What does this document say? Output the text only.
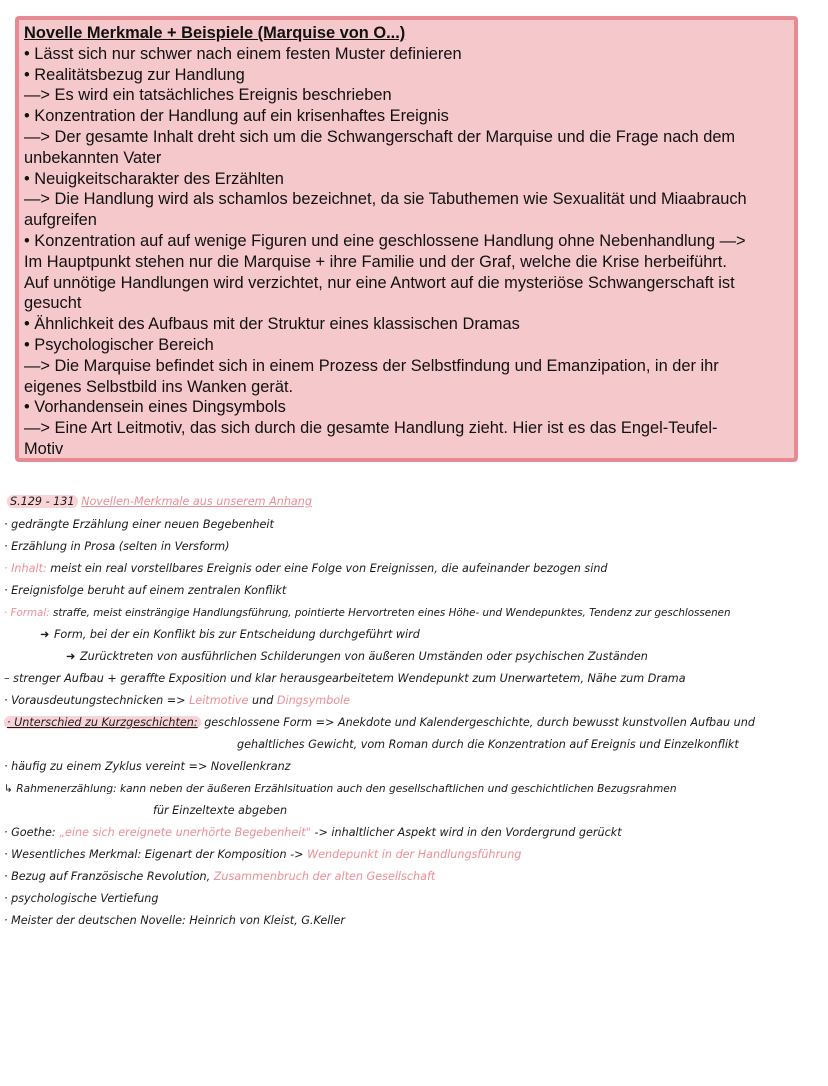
Novelle Merkmale + Beispiele (Marquise von O...)
• Lässt sich nur schwer nach einem festen Muster definieren
• Realitätsbezug zur Handlung
—> Es wird ein tatsächliches Ereignis beschrieben
• Konzentration der Handlung auf ein krisenhaftes Ereignis
—> Der gesamte Inhalt dreht sich um die Schwangerschaft der Marquise und die Frage nach dem
unbekannten Vater
• Neuigkeitscharakter des Erzählten
—> Die Handlung wird als schamlos bezeichnet, da sie Tabuthemen wie Sexualität und Miaabrauch
aufgreifen
• Konzentration auf auf wenige Figuren und eine geschlossene Handlung ohne Nebenhandlung —>
Im Hauptpunkt stehen nur die Marquise + ihre Familie und der Graf, welche die Krise herbeiführt.
Auf unnötige Handlungen wird verzichtet, nur eine Antwort auf die mysteriöse Schwangerschaft ist
gesucht
• Ähnlichkeit des Aufbaus mit der Struktur eines klassischen Dramas
• Psychologischer Bereich
—> Die Marquise befindet sich in einem Prozess der Selbstfindung und Emanzipation, in der ihr
eigenes Selbstbild ins Wanken gerät.
• Vorhandensein eines Dingsymbols
—> Eine Art Leitmotiv, das sich durch die gesamte Handlung zieht. Hier ist es das Engel-Teufel-
Motiv
S.129 - 131 Novellen-Merkmale aus unserem Anhang
· gedrängte Erzählung einer neuen Begebenheit
· Erzählung in Prosa (selten in Versform)
· Inhalt: meist ein real vorstellbares Ereignis oder eine Folge von Ereignissen, die aufeinander bezogen sind
· Ereignisfolge beruht auf einem zentralen Konflikt
· Formal: straffe, meist einsträngige Handlungsführung, pointierte Hervortreten eines Höhe- und Wendepunktes, Tendenz zur geschlossenen
➜ Form, bei der ein Konflikt bis zur Entscheidung durchgeführt wird
➜ Zurücktreten von ausführlichen Schilderungen von äußeren Umständen oder psychischen Zuständen
– strenger Aufbau + geraffte Exposition und klar herausgearbeitetem Wendepunkt zum Unerwartetem, Nähe zum Drama
· Vorausdeutungstechnicken => Leitmotive und Dingsymbole
· Unterschied zu Kurzgeschichten: geschlossene Form => Anekdote und Kalendergeschichte, durch bewusst kunstvollen Aufbau und
gehaltliches Gewicht, vom Roman durch die Konzentration auf Ereignis und Einzelkonflikt
· häufig zu einem Zyklus vereint => Novellenkranz
↳ Rahmenerzählung: kann neben der äußeren Erzählsituation auch den gesellschaftlichen und geschichtlichen Bezugsrahmen
für Einzeltexte abgeben
· Goethe: „eine sich ereignete unerhörte Begebenheit" -> inhaltlicher Aspekt wird in den Vordergrund gerückt
· Wesentliches Merkmal: Eigenart der Komposition -> Wendepunkt in der Handlungsführung
· Bezug auf Französische Revolution, Zusammenbruch der alten Gesellschaft
· psychologische Vertiefung
· Meister der deutschen Novelle: Heinrich von Kleist, G.Keller
